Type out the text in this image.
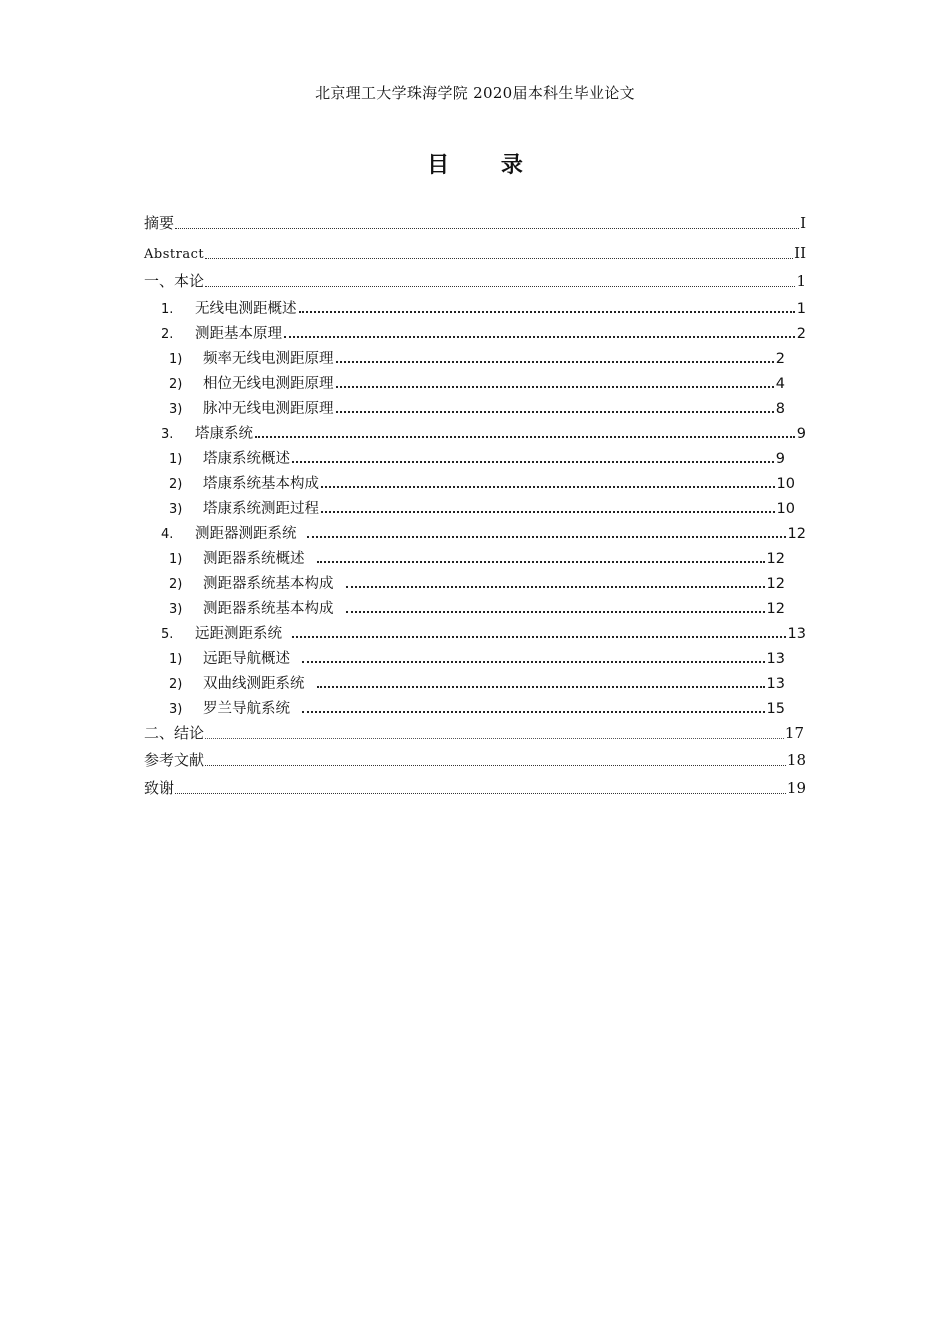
北京理工大学珠海学院 2020届本科生毕业论文
目 录
摘要	I
Abstract	II
一、本论	1
1.	无线电测距概述	1
2.	测距基本原理	2
1)	频率无线电测距原理	2
2)	相位无线电测距原理	4
3)	脉冲无线电测距原理	8
3.	塔康系统	9
1)	塔康系统概述	9
2)	塔康系统基本构成	10
3)	塔康系统测距过程	10
4.	测距器测距系统	12
1)	测距器系统概述	12
2)	测距器系统基本构成	12
3)	测距器系统基本构成	12
5.	远距测距系统	13
1)	远距导航概述	13
2)	双曲线测距系统	13
3)	罗兰导航系统	15
二、结论	17
参考文献	18
致谢	19
